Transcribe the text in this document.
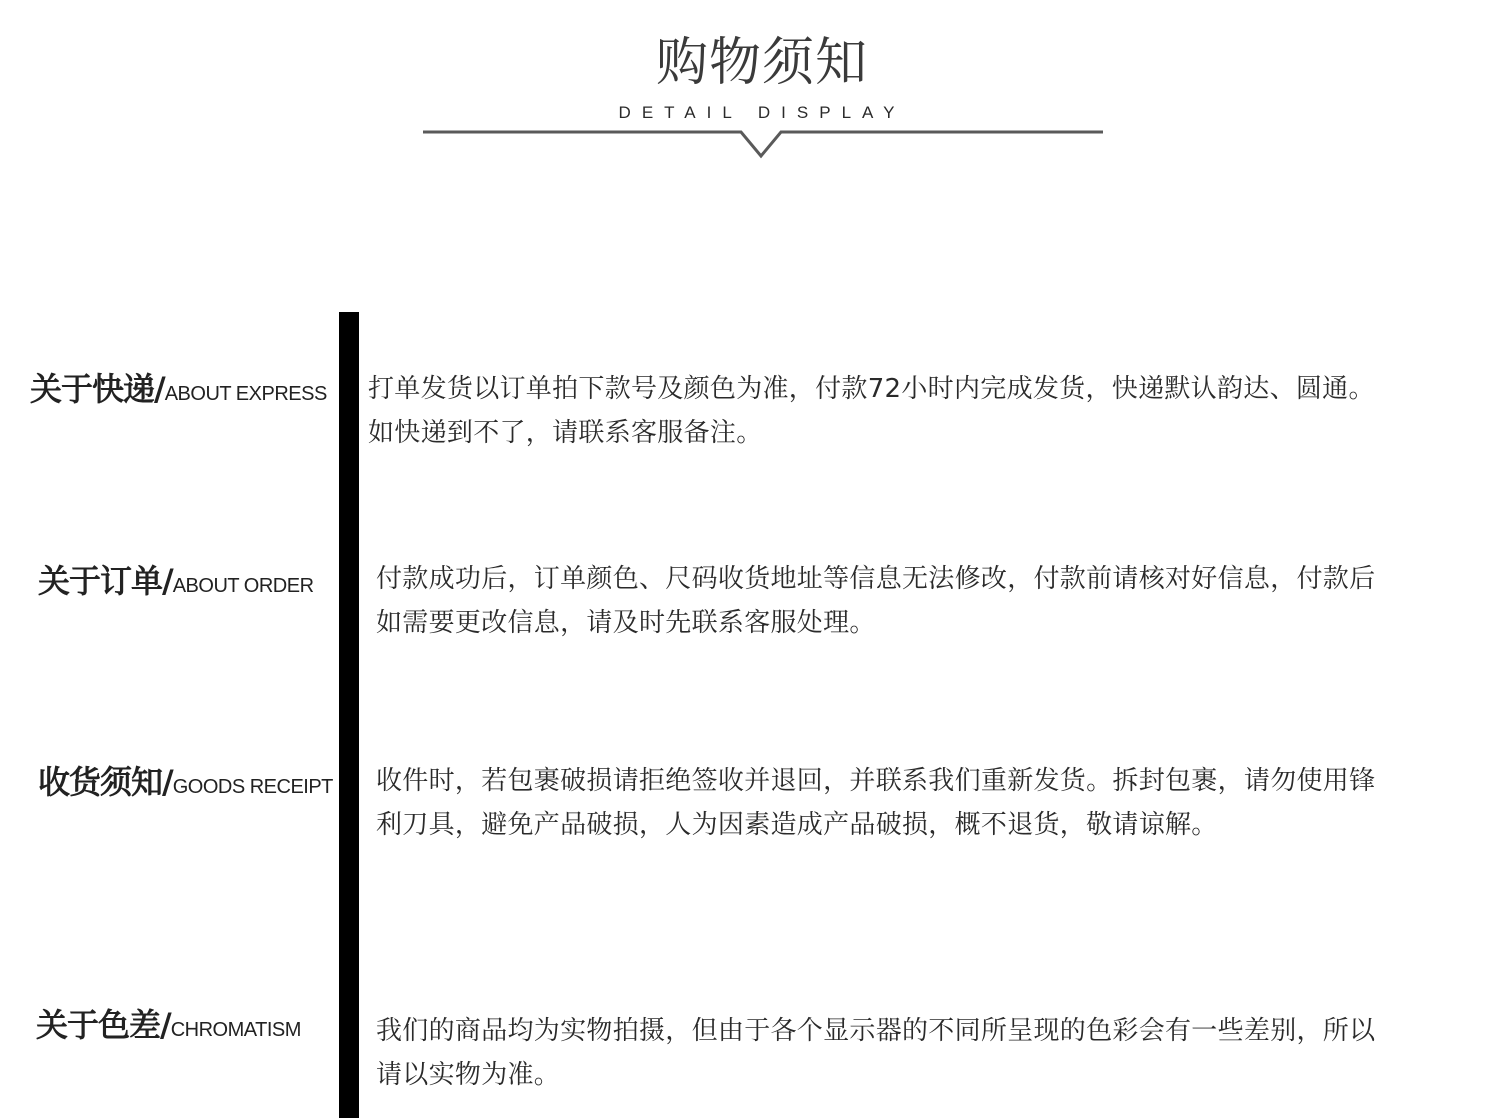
购物须知
DETAIL DISPLAY
关于快递/ABOUT EXPRESS 打单发货以订单拍下款号及颜色为准，付款72小时内完成发货，快递默认韵达、圆通。
如快递到不了，请联系客服备注。
关于订单/ABOUT ORDER 付款成功后，订单颜色、尺码收货地址等信息无法修改，付款前请核对好信息，付款后
如需要更改信息，请及时先联系客服处理。
收货须知/GOODS RECEIPT 收件时，若包裹破损请拒绝签收并退回，并联系我们重新发货。拆封包裹，请勿使用锋
利刀具，避免产品破损，人为因素造成产品破损，概不退货，敬请谅解。
关于色差/CHROMATISM	我们的商品均为实物拍摄，但由于各个显示器的不同所呈现的色彩会有一些差别，所以
请以实物为准。
